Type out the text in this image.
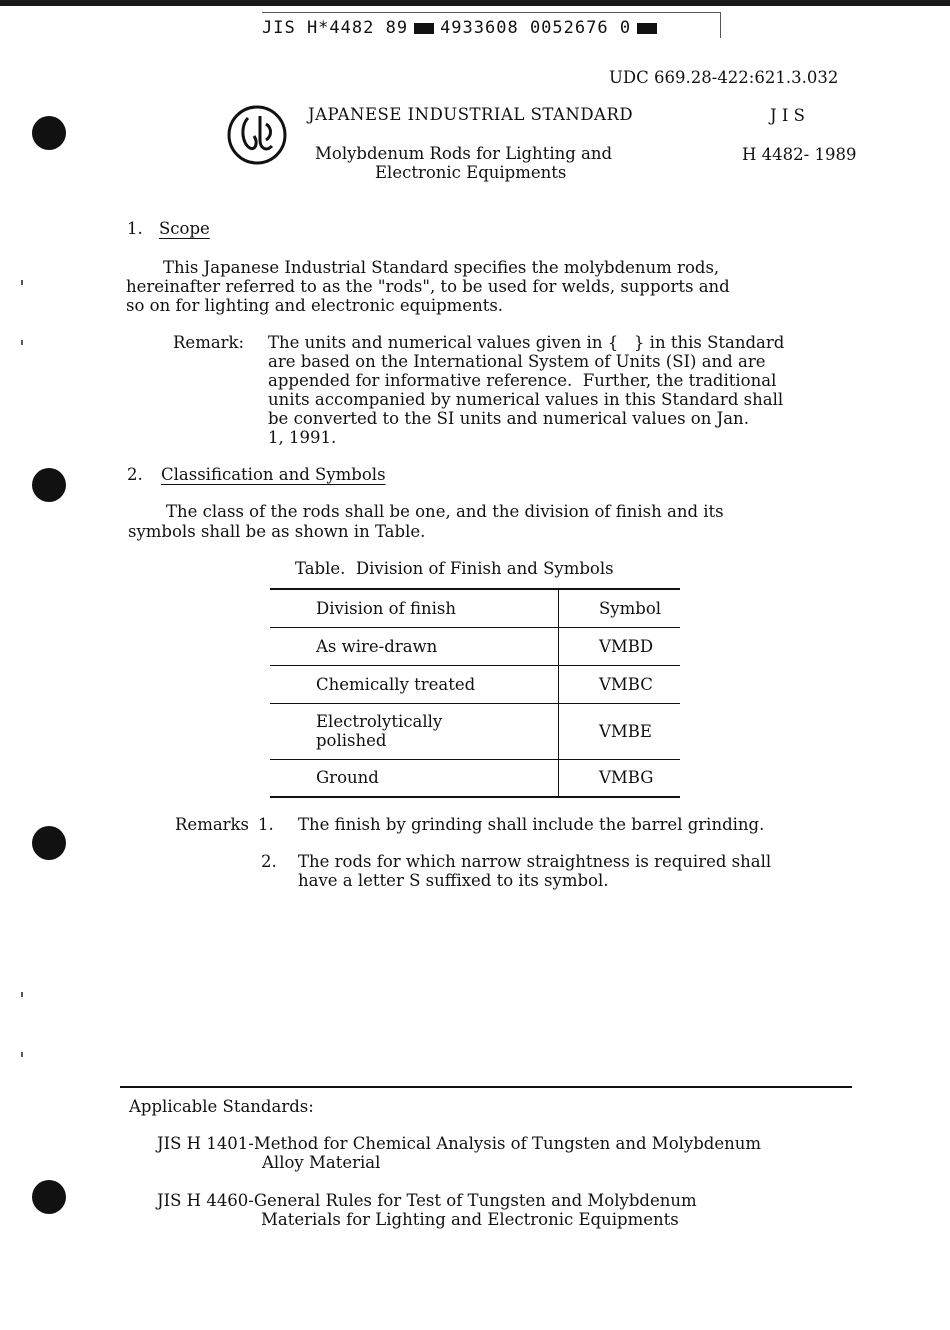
JIS H*4482 89 4933608 0052676 0
UDC 669.28-422:621.3.032
JAPANESE INDUSTRIAL STANDARD	J I S
Molybdenum Rods for Lighting and
Electronic Equipments
H 4482- 1989
1. Scope
This Japanese Industrial Standard specifies the molybdenum rods,
hereinafter referred to as the "rods", to be used for welds, supports and
so on for lighting and electronic equipments.
Remark: The units and numerical values given in {   } in this Standard
are based on the International System of Units (SI) and are
appended for informative reference.  Further, the traditional
units accompanied by numerical values in this Standard shall
be converted to the SI units and numerical values on Jan.
1, 1991.
2. Classification and Symbols
The class of the rods shall be one, and the division of finish and its
symbols shall be as shown in Table.
Table.  Division of Finish and Symbols
Division of finish	Symbol
As wire-drawn	VMBD
Chemically treated	VMBC

Electrolytically
polished	VMBE
Ground	VMBG
Remarks 1. The finish by grinding shall include the barrel grinding.
2. The rods for which narrow straightness is required shall
have a letter S suffixed to its symbol.
Applicable Standards:
JIS H 1401-Method for Chemical Analysis of Tungsten and Molybdenum
Alloy Material
JIS H 4460-General Rules for Test of Tungsten and Molybdenum
Materials for Lighting and Electronic Equipments
